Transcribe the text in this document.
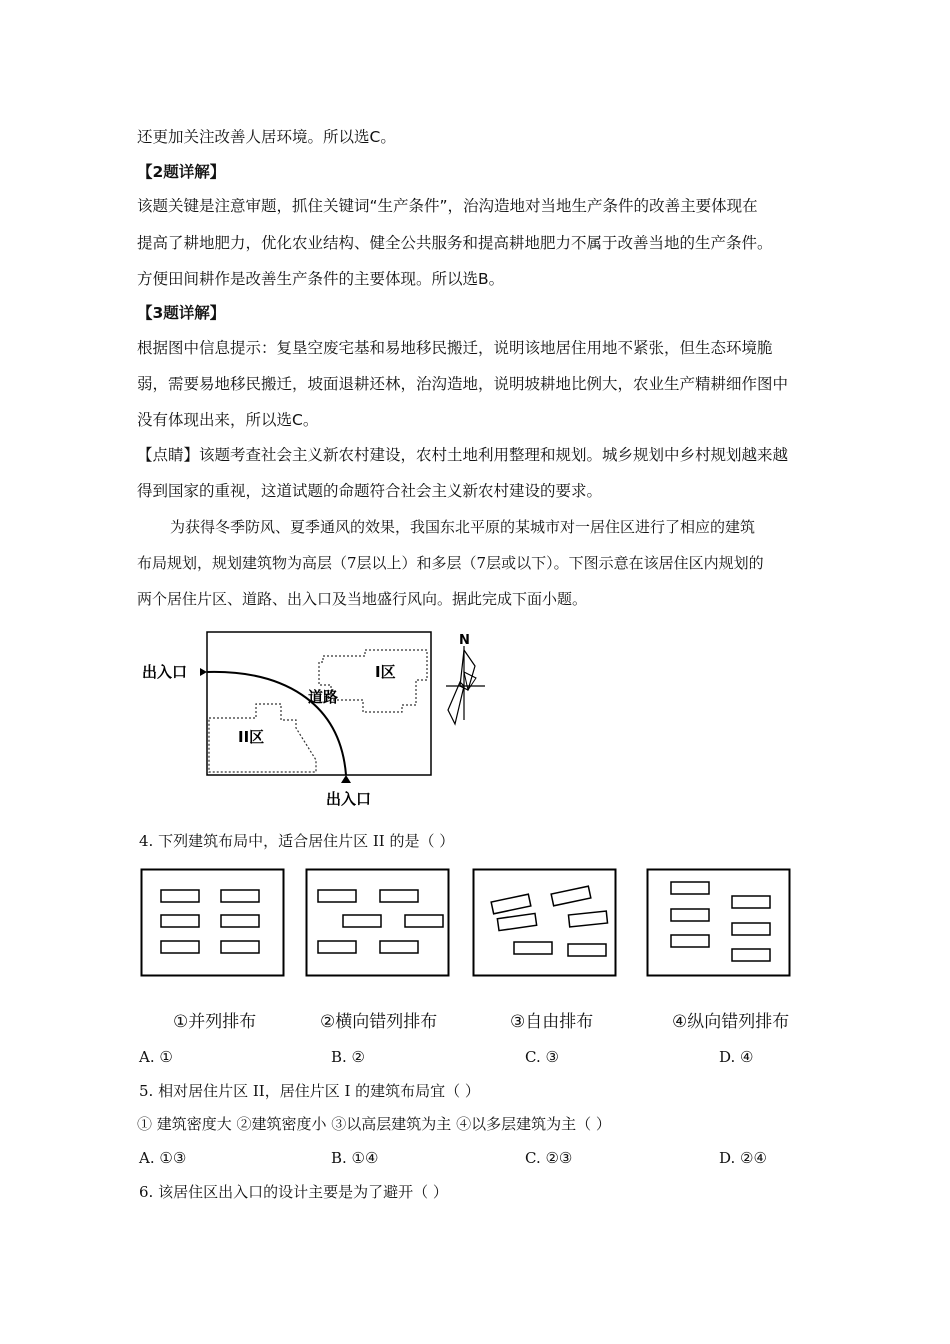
还更加关注改善人居环境。所以选C。
【2题详解】
该题关键是注意审题，抓住关键词“生产条件”，治沟造地对当地生产条件的改善主要体现在
提高了耕地肥力，优化农业结构、健全公共服务和提高耕地肥力不属于改善当地的生产条件。
方便田间耕作是改善生产条件的主要体现。所以选B。
【3题详解】
根据图中信息提示：复垦空废宅基和易地移民搬迁，说明该地居住用地不紧张，但生态环境脆
弱，需要易地移民搬迁，坡面退耕还林，治沟造地，说明坡耕地比例大，农业生产精耕细作图中
没有体现出来，所以选C。
【点睛】该题考查社会主义新农村建设，农村土地利用整理和规划。城乡规划中乡村规划越来越
得到国家的重视，这道试题的命题符合社会主义新农村建设的要求。
为获得冬季防风、夏季通风的效果，我国东北平原的某城市对一居住区进行了相应的建筑
布局规划，规划建筑物为高层（7层以上）和多层（7层或以下）。下图示意在该居住区内规划的
两个居住片区、道路、出入口及当地盛行风向。据此完成下面小题。
出入口
出入口
I区
II区
道路
N
4. 下列建筑布局中，适合居住片区 II 的是（ ）
①并列排布	②横向错列排布	③自由排布	④纵向错列排布
A. ①	B. ②	C. ③	D. ④
5. 相对居住片区 II，居住片区 I 的建筑布局宜（ ）
① 建筑密度大 ②建筑密度小 ③以高层建筑为主 ④以多层建筑为主（ ）
A. ①③	B. ①④	C. ②③	D. ②④
6. 该居住区出入口的设计主要是为了避开（ ）
